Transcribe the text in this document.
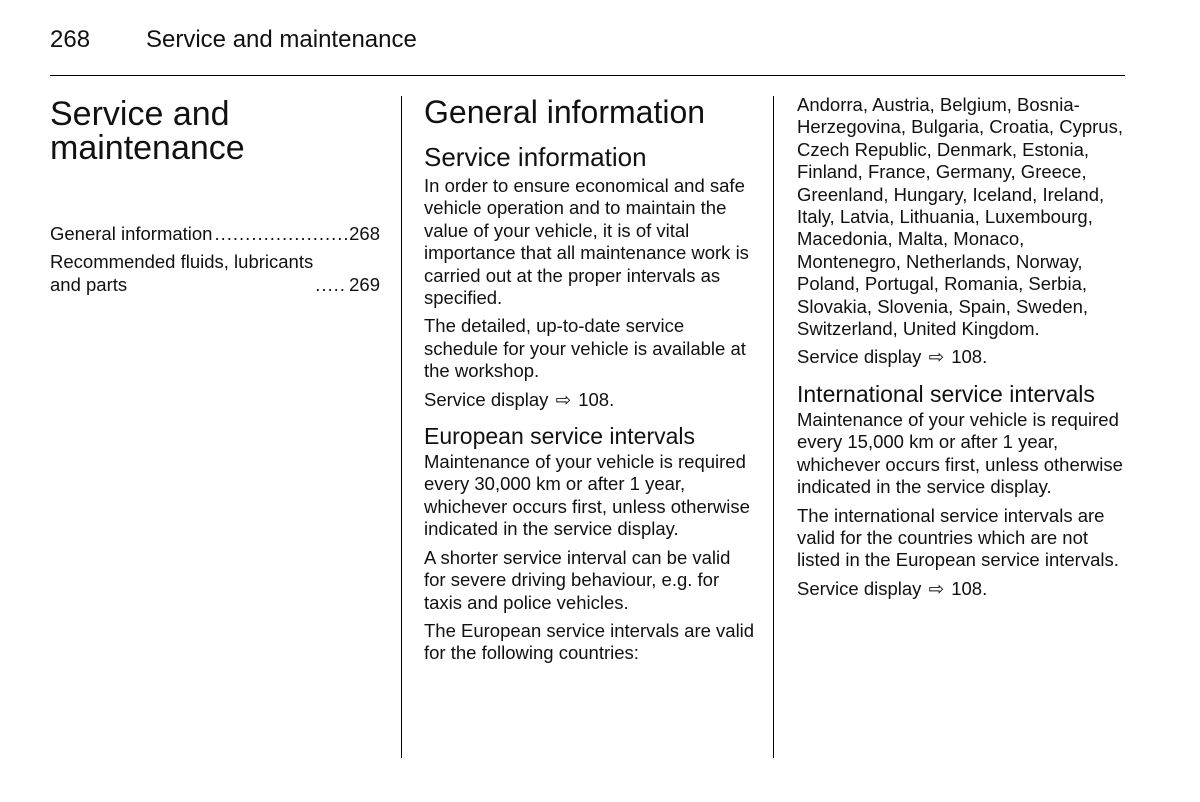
268 Service and maintenance
Service and maintenance
General information .....	268
Recommended fluids, lubricants
and parts .....	269
General information
Service information

In order to ensure economical and safe vehicle operation and to maintain the value of your vehicle, it is of vital importance that all maintenance work is carried out at the proper intervals as specified.

The detailed, up-to-date service schedule for your vehicle is available at the workshop.

Service display ⇨ 108.

European service intervals

Maintenance of your vehicle is required every 30,000 km or after 1 year, whichever occurs first, unless otherwise indicated in the service display.

A shorter service interval can be valid for severe driving behaviour, e.g. for taxis and police vehicles.

The European service intervals are valid for the following countries:

Andorra, Austria, Belgium, Bosnia-Herzegovina, Bulgaria, Croatia, Cyprus, Czech Republic, Denmark, Estonia, Finland, France, Germany, Greece, Greenland, Hungary, Iceland, Ireland, Italy, Latvia, Lithuania, Luxembourg, Macedonia, Malta, Monaco, Montenegro, Netherlands, Norway, Poland, Portugal, Romania, Serbia, Slovakia, Slovenia, Spain, Sweden, Switzerland, United Kingdom.

Service display ⇨ 108.

International service intervals

Maintenance of your vehicle is required every 15,000 km or after 1 year, whichever occurs first, unless otherwise indicated in the service display.

The international service intervals are valid for the countries which are not listed in the European service intervals.

Service display ⇨ 108.
